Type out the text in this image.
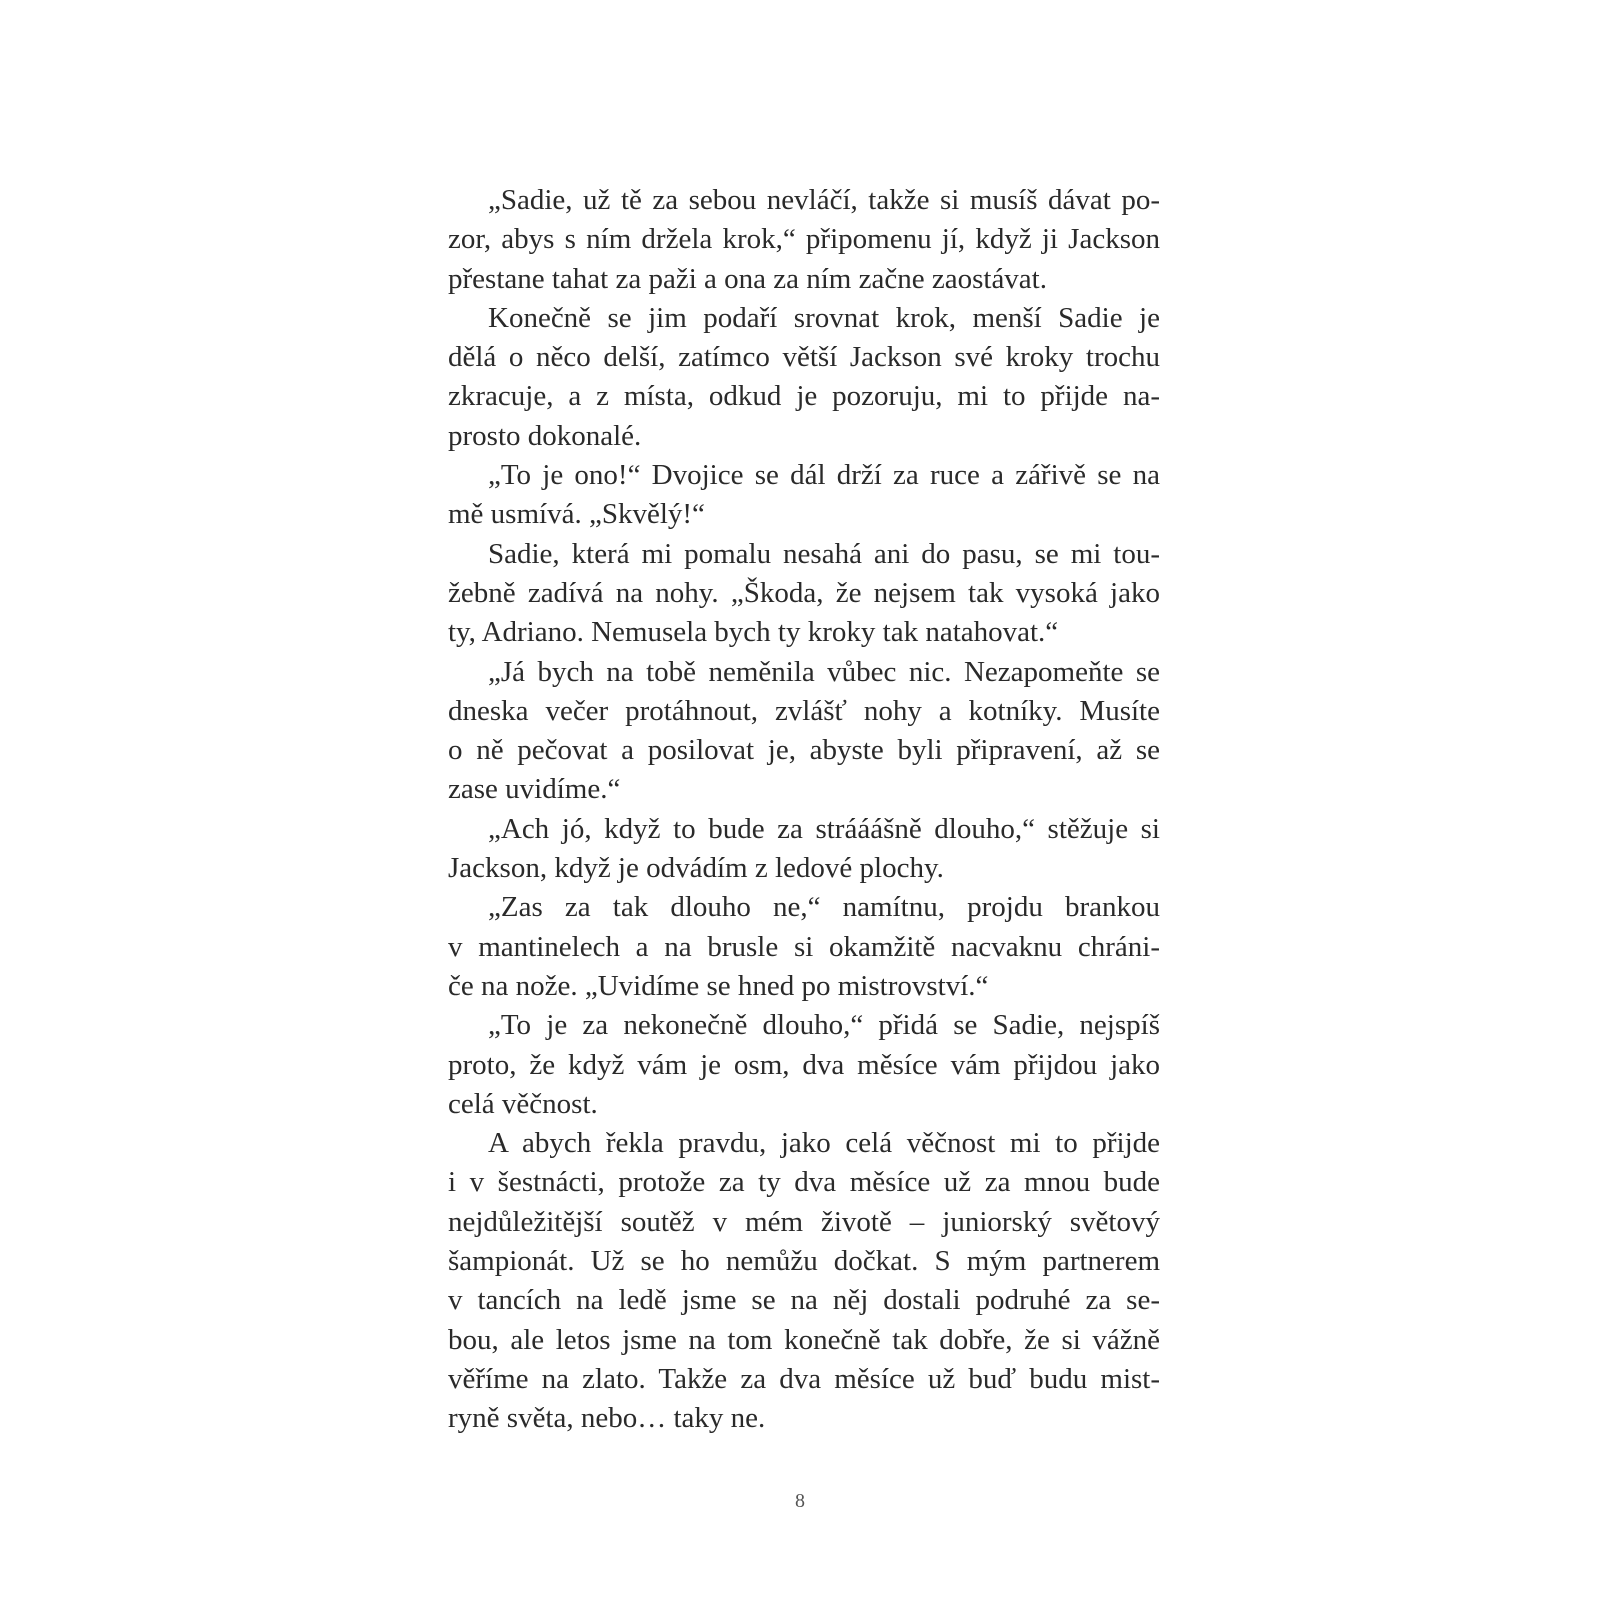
„Sadie, už tě za sebou nevláčí, takže si musíš dávat po-
zor, abys s ním držela krok,“ připomenu jí, když ji Jackson
přestane tahat za paži a ona za ním začne zaostávat.
Konečně se jim podaří srovnat krok, menší Sadie je
dělá o něco delší, zatímco větší Jackson své kroky trochu
zkracuje, a z místa, odkud je pozoruju, mi to přijde na-
prosto dokonalé.
„To je ono!“ Dvojice se dál drží za ruce a zářivě se na
mě usmívá. „Skvělý!“
Sadie, která mi pomalu nesahá ani do pasu, se mi tou-
žebně zadívá na nohy. „Škoda, že nejsem tak vysoká jako
ty, Adriano. Nemusela bych ty kroky tak natahovat.“
„Já bych na tobě neměnila vůbec nic. Nezapomeňte se
dneska večer protáhnout, zvlášť nohy a kotníky. Musíte
o ně pečovat a posilovat je, abyste byli připravení, až se
zase uvidíme.“
„Ach jó, když to bude za strááášně dlouho,“ stěžuje si
Jackson, když je odvádím z ledové plochy.
„Zas za tak dlouho ne,“ namítnu, projdu brankou
v mantinelech a na brusle si okamžitě nacvaknu chráni-
če na nože. „Uvidíme se hned po mistrovství.“
„To je za nekonečně dlouho,“ přidá se Sadie, nejspíš
proto, že když vám je osm, dva měsíce vám přijdou jako
celá věčnost.
A abych řekla pravdu, jako celá věčnost mi to přijde
i v šestnácti, protože za ty dva měsíce už za mnou bude
nejdůležitější soutěž v mém životě – juniorský světový
šampionát. Už se ho nemůžu dočkat. S mým partnerem
v tancích na ledě jsme se na něj dostali podruhé za se-
bou, ale letos jsme na tom konečně tak dobře, že si vážně
věříme na zlato. Takže za dva měsíce už buď budu mist-
ryně světa, nebo… taky ne.
8
